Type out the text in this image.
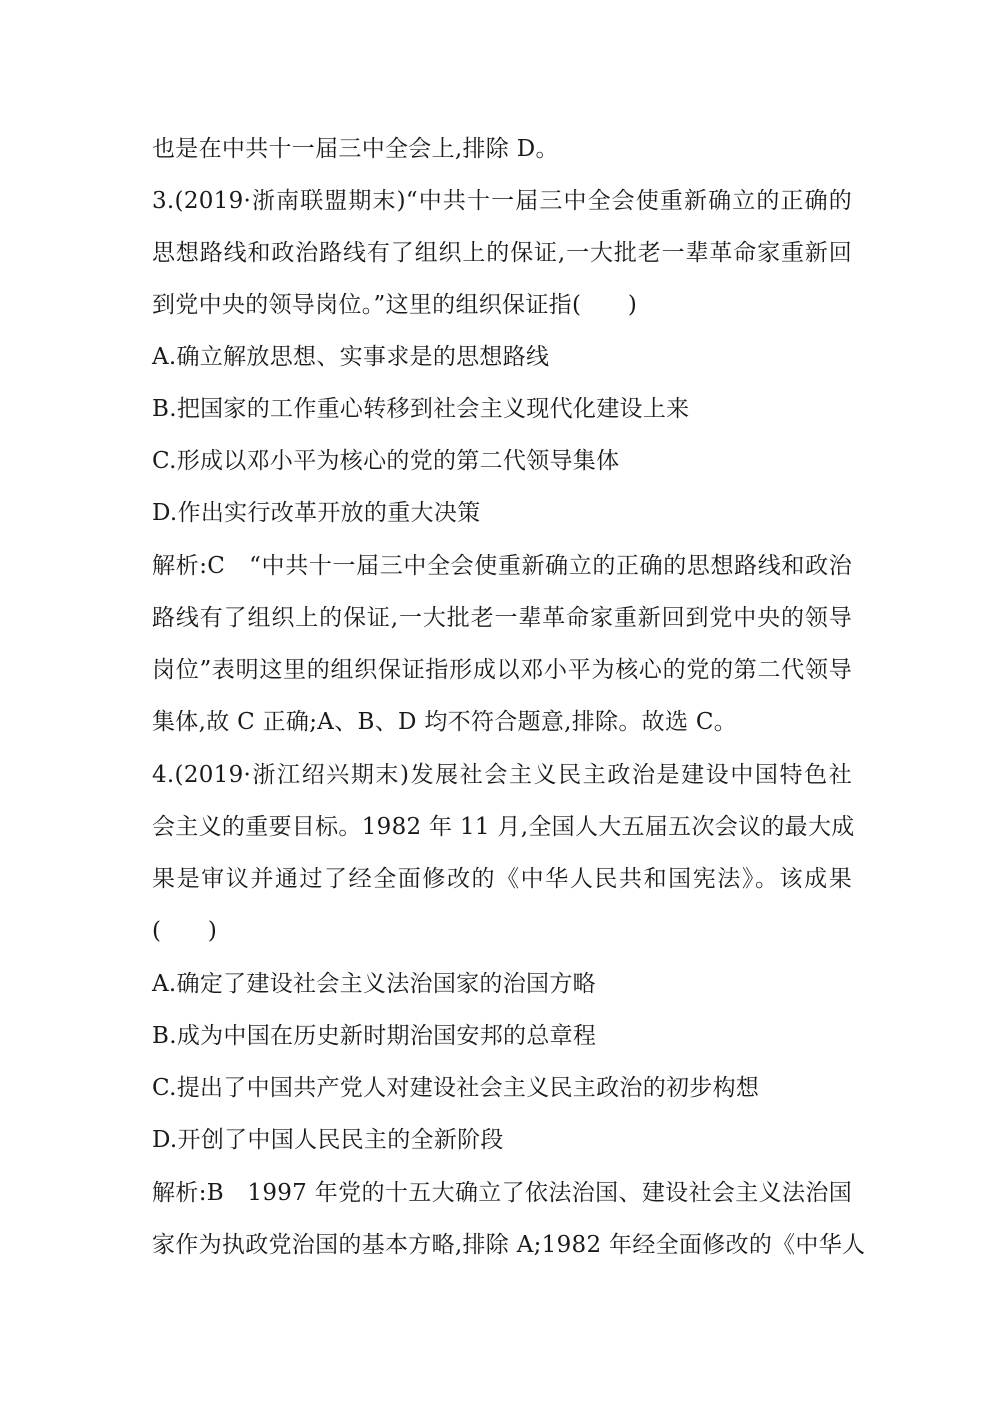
也是在中共十一届三中全会上,排除 D。
3.(2019·浙南联盟期末)“中共十一届三中全会使重新确立的正确的
思想路线和政治路线有了组织上的保证,一大批老一辈革命家重新回
到党中央的领导岗位。”这里的组织保证指(　　)
A.确立解放思想、实事求是的思想路线
B.把国家的工作重心转移到社会主义现代化建设上来
C.形成以邓小平为核心的党的第二代领导集体
D.作出实行改革开放的重大决策
解析:C　“中共十一届三中全会使重新确立的正确的思想路线和政治
路线有了组织上的保证,一大批老一辈革命家重新回到党中央的领导
岗位”表明这里的组织保证指形成以邓小平为核心的党的第二代领导
集体,故 C 正确;A、B、D 均不符合题意,排除。故选 C。
4.(2019·浙江绍兴期末)发展社会主义民主政治是建设中国特色社
会主义的重要目标。1982 年 11 月,全国人大五届五次会议的最大成
果是审议并通过了经全面修改的《中华人民共和国宪法》。该成果
(　　)
A.确定了建设社会主义法治国家的治国方略
B.成为中国在历史新时期治国安邦的总章程
C.提出了中国共产党人对建设社会主义民主政治的初步构想
D.开创了中国人民民主的全新阶段
解析:B　1997 年党的十五大确立了依法治国、建设社会主义法治国
家作为执政党治国的基本方略,排除 A;1982 年经全面修改的《中华人
